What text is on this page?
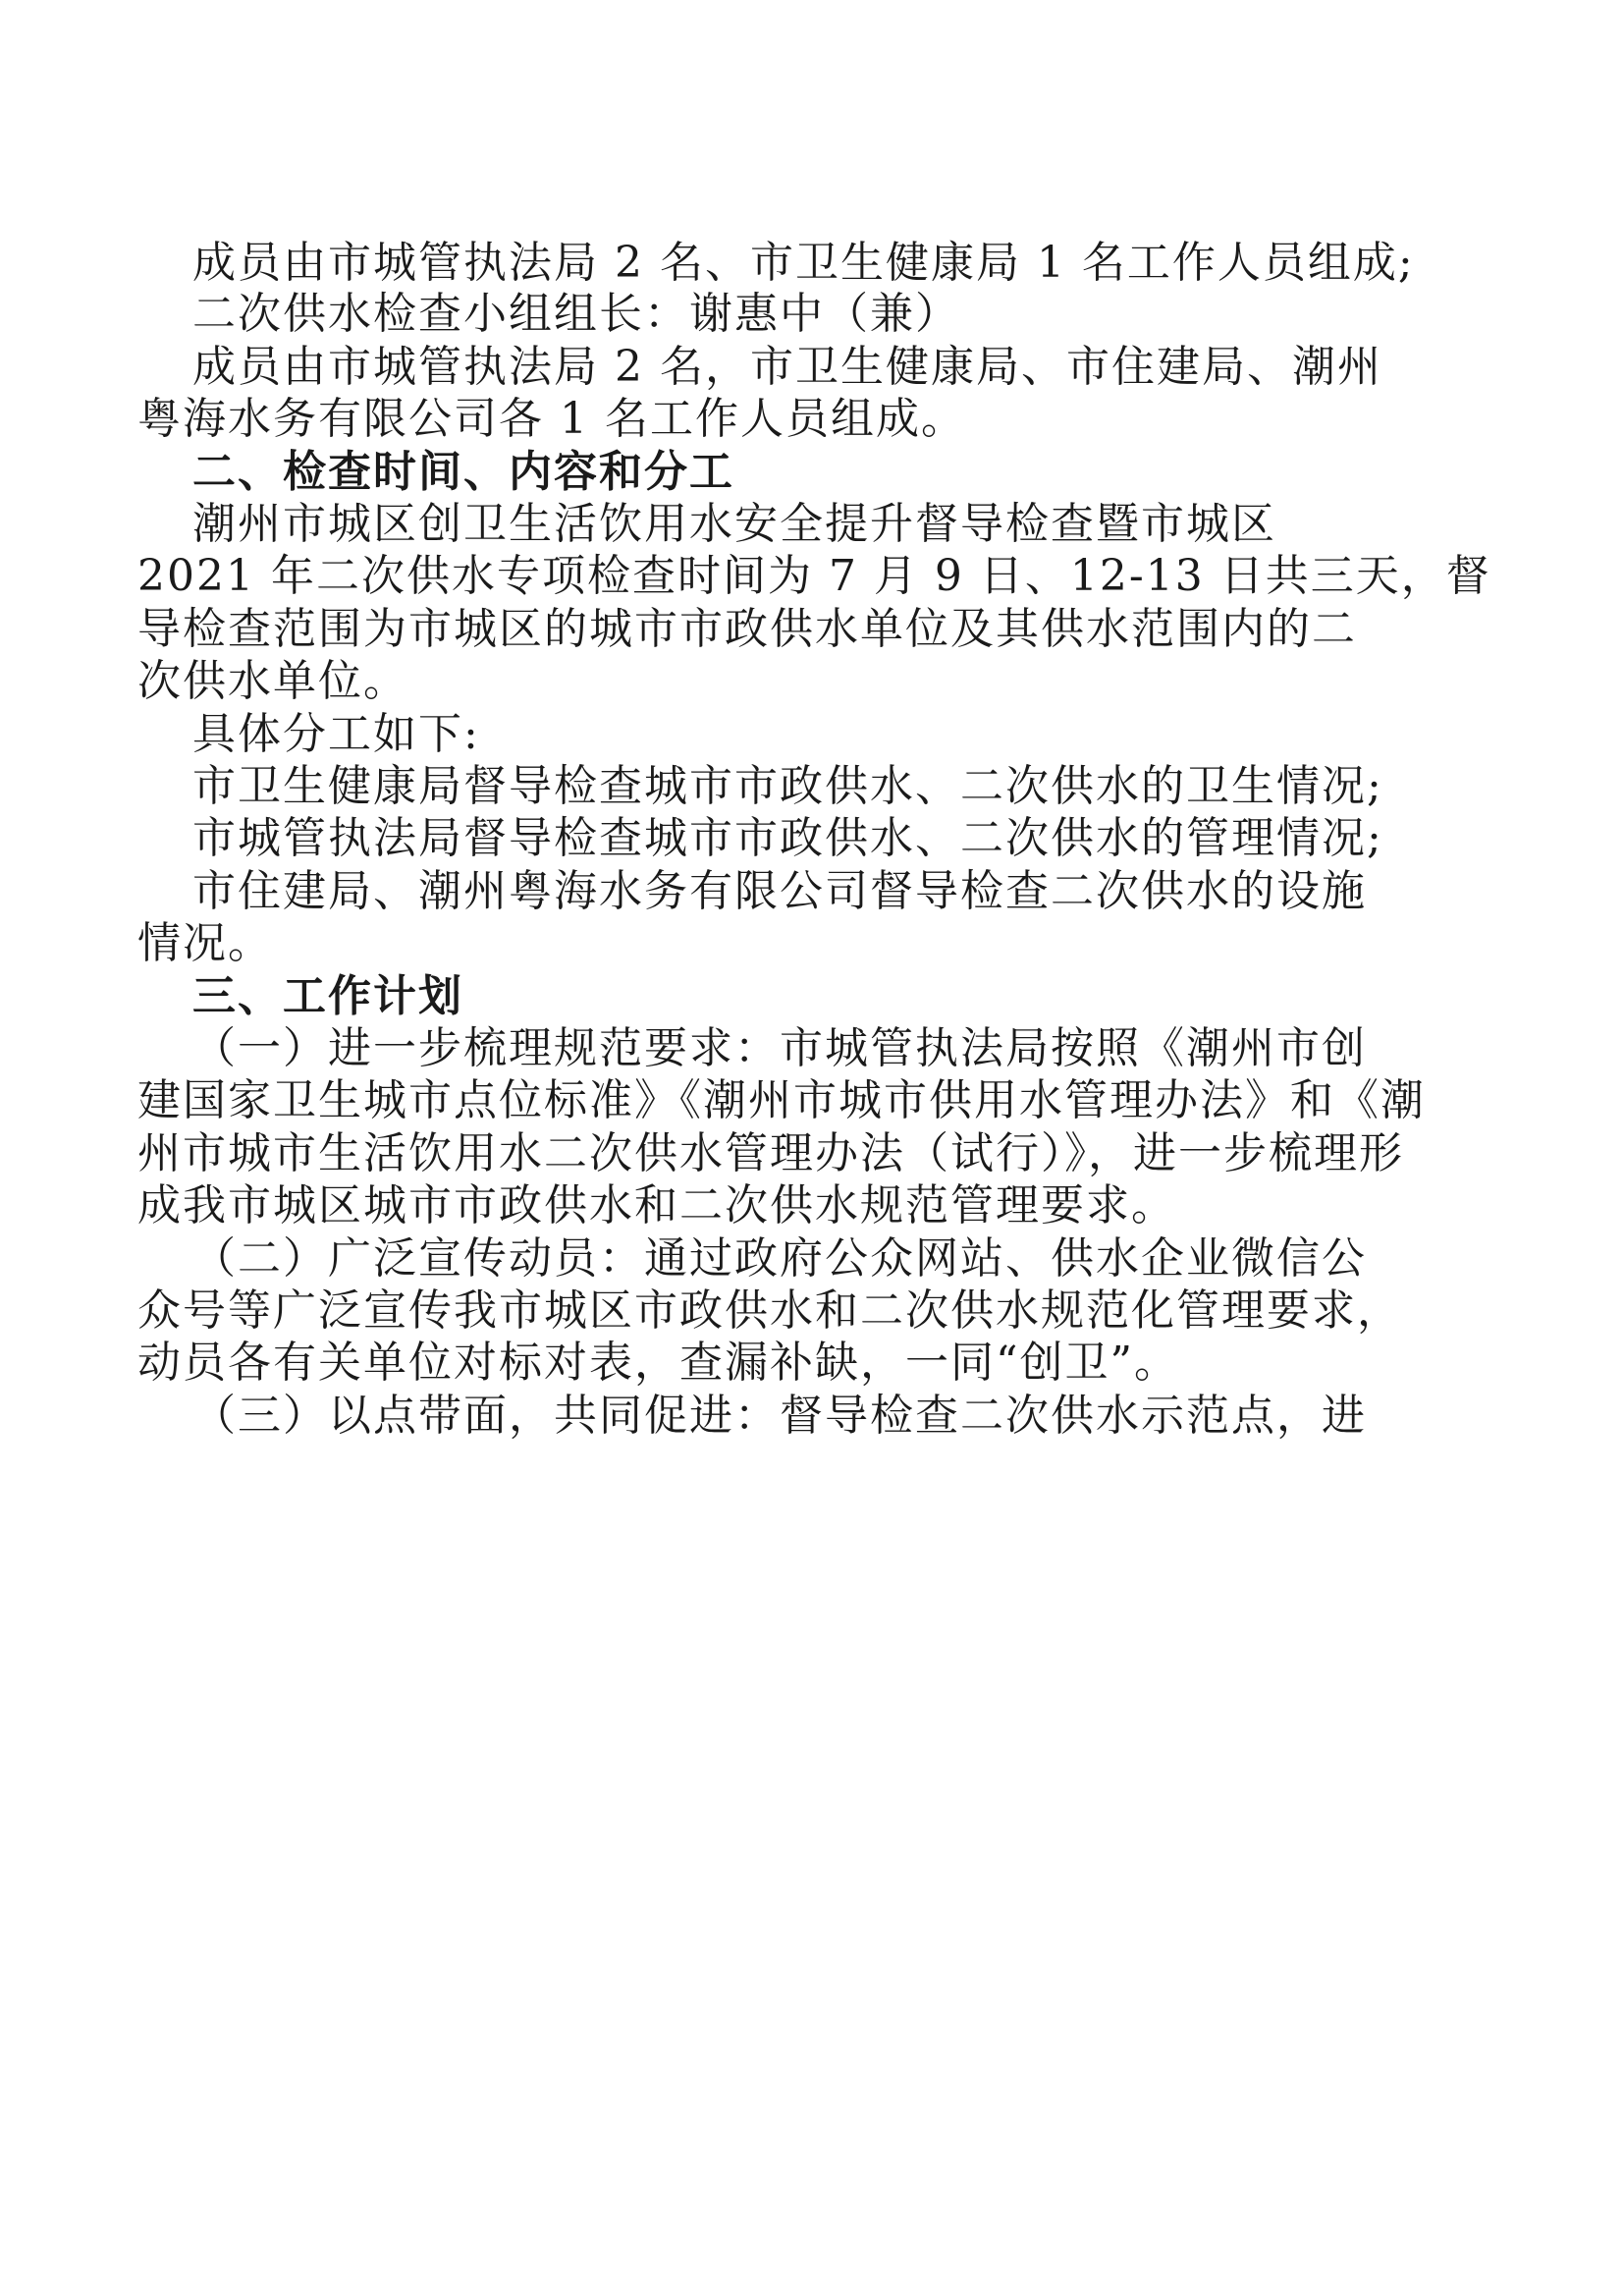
成员由市城管执法局 2 名、市卫生健康局 1 名工作人员组成;
二次供水检查小组组长：谢惠中（兼）
成员由市城管执法局 2 名，市卫生健康局、市住建局、潮州
粤海水务有限公司各 1 名工作人员组成。
二、检查时间、内容和分工
潮州市城区创卫生活饮用水安全提升督导检查暨市城区
2021 年二次供水专项检查时间为 7 月 9 日、12-13 日共三天，督
导检查范围为市城区的城市市政供水单位及其供水范围内的二
次供水单位。
具体分工如下:
市卫生健康局督导检查城市市政供水、二次供水的卫生情况;
市城管执法局督导检查城市市政供水、二次供水的管理情况;
市住建局、潮州粤海水务有限公司督导检查二次供水的设施
情况。
三、工作计划
（一）进一步梳理规范要求：市城管执法局按照《潮州市创
建国家卫生城市点位标准》《潮州市城市供用水管理办法》和《潮
州市城市生活饮用水二次供水管理办法（试行）》，进一步梳理形
成我市城区城市市政供水和二次供水规范管理要求。
（二）广泛宣传动员：通过政府公众网站、供水企业微信公
众号等广泛宣传我市城区市政供水和二次供水规范化管理要求，
动员各有关单位对标对表，查漏补缺，一同“创卫”。
（三）以点带面，共同促进：督导检查二次供水示范点，进
